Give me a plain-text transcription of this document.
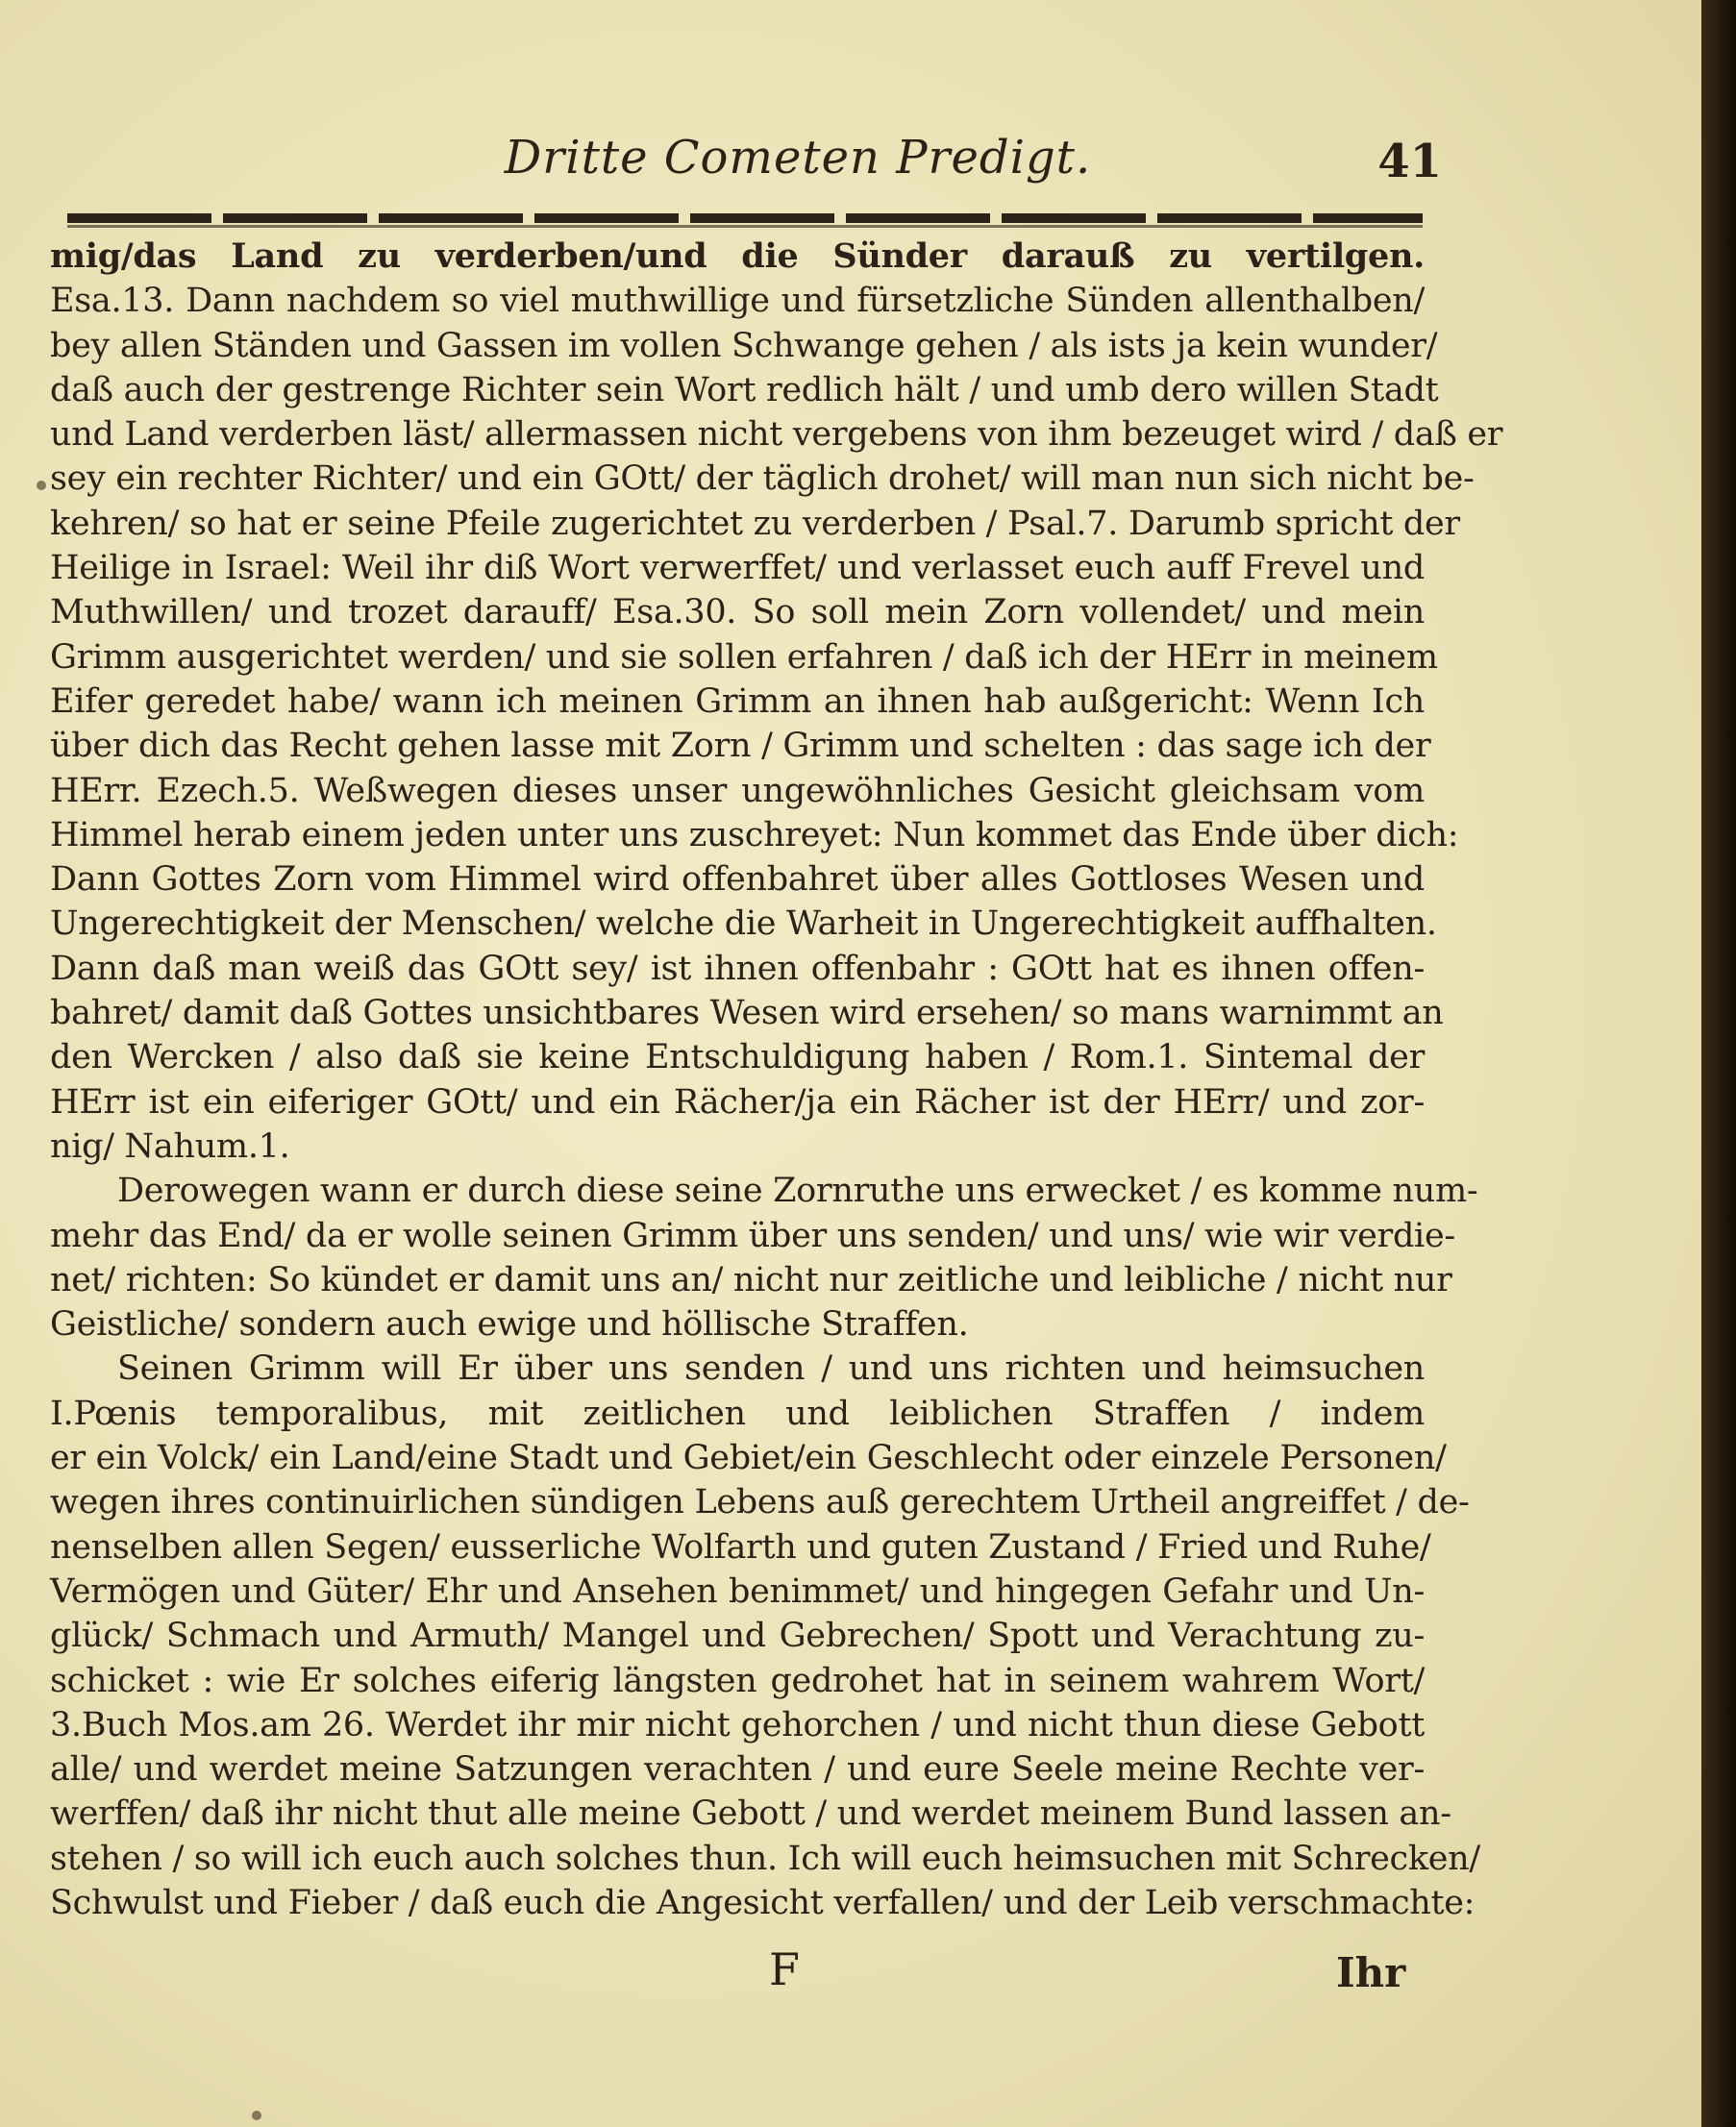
Dritte Cometen Predigt.	41
mig/das Land zu verderben/und die Sünder darauß zu vertilgen.
Esa.13. Dann nachdem so viel muthwillige und fürsetzliche Sünden allenthalben/
bey allen Ständen und Gassen im vollen Schwange gehen / als ists ja kein wunder/
daß auch der gestrenge Richter sein Wort redlich hält / und umb dero willen Stadt
und Land verderben läst/ allermassen nicht vergebens von ihm bezeuget wird / daß er
sey ein rechter Richter/ und ein GOtt/ der täglich drohet/ will man nun sich nicht be-
kehren/ so hat er seine Pfeile zugerichtet zu verderben / Psal.7. Darumb spricht der
Heilige in Israel: Weil ihr diß Wort verwerffet/ und verlasset euch auff Frevel und
Muthwillen/ und trozet darauff/ Esa.30. So soll mein Zorn vollendet/ und mein
Grimm ausgerichtet werden/ und sie sollen erfahren / daß ich der HErr in meinem
Eifer geredet habe/ wann ich meinen Grimm an ihnen hab außgericht: Wenn Ich
über dich das Recht gehen lasse mit Zorn / Grimm und schelten : das sage ich der
HErr. Ezech.5. Weßwegen dieses unser ungewöhnliches Gesicht gleichsam vom
Himmel herab einem jeden unter uns zuschreyet: Nun kommet das Ende über dich:
Dann Gottes Zorn vom Himmel wird offenbahret über alles Gottloses Wesen und
Ungerechtigkeit der Menschen/ welche die Warheit in Ungerechtigkeit auffhalten.
Dann daß man weiß das GOtt sey/ ist ihnen offenbahr : GOtt hat es ihnen offen-
bahret/ damit daß Gottes unsichtbares Wesen wird ersehen/ so mans warnimmt an
den Wercken / also daß sie keine Entschuldigung haben / Rom.1. Sintemal der
HErr ist ein eiferiger GOtt/ und ein Rächer/ja ein Rächer ist der HErr/ und zor-
nig/ Nahum.1.
Derowegen wann er durch diese seine Zornruthe uns erwecket / es komme num-
mehr das End/ da er wolle seinen Grimm über uns senden/ und uns/ wie wir verdie-
net/ richten: So kündet er damit uns an/ nicht nur zeitliche und leibliche / nicht nur
Geistliche/ sondern auch ewige und höllische Straffen.
Seinen Grimm will Er über uns senden / und uns richten und heimsuchen
I.Pœnis temporalibus, mit zeitlichen und leiblichen Straffen / indem
er ein Volck/ ein Land/eine Stadt und Gebiet/ein Geschlecht oder einzele Personen/
wegen ihres continuirlichen sündigen Lebens auß gerechtem Urtheil angreiffet / de-
nenselben allen Segen/ eusserliche Wolfarth und guten Zustand / Fried und Ruhe/
Vermögen und Güter/ Ehr und Ansehen benimmet/ und hingegen Gefahr und Un-
glück/ Schmach und Armuth/ Mangel und Gebrechen/ Spott und Verachtung zu-
schicket : wie Er solches eiferig längsten gedrohet hat in seinem wahrem Wort/
3.Buch Mos.am 26. Werdet ihr mir nicht gehorchen / und nicht thun diese Gebott
alle/ und werdet meine Satzungen verachten / und eure Seele meine Rechte ver-
werffen/ daß ihr nicht thut alle meine Gebott / und werdet meinem Bund lassen an-
stehen / so will ich euch auch solches thun. Ich will euch heimsuchen mit Schrecken/
Schwulst und Fieber / daß euch die Angesicht verfallen/ und der Leib verschmachte:
F	Ihr
